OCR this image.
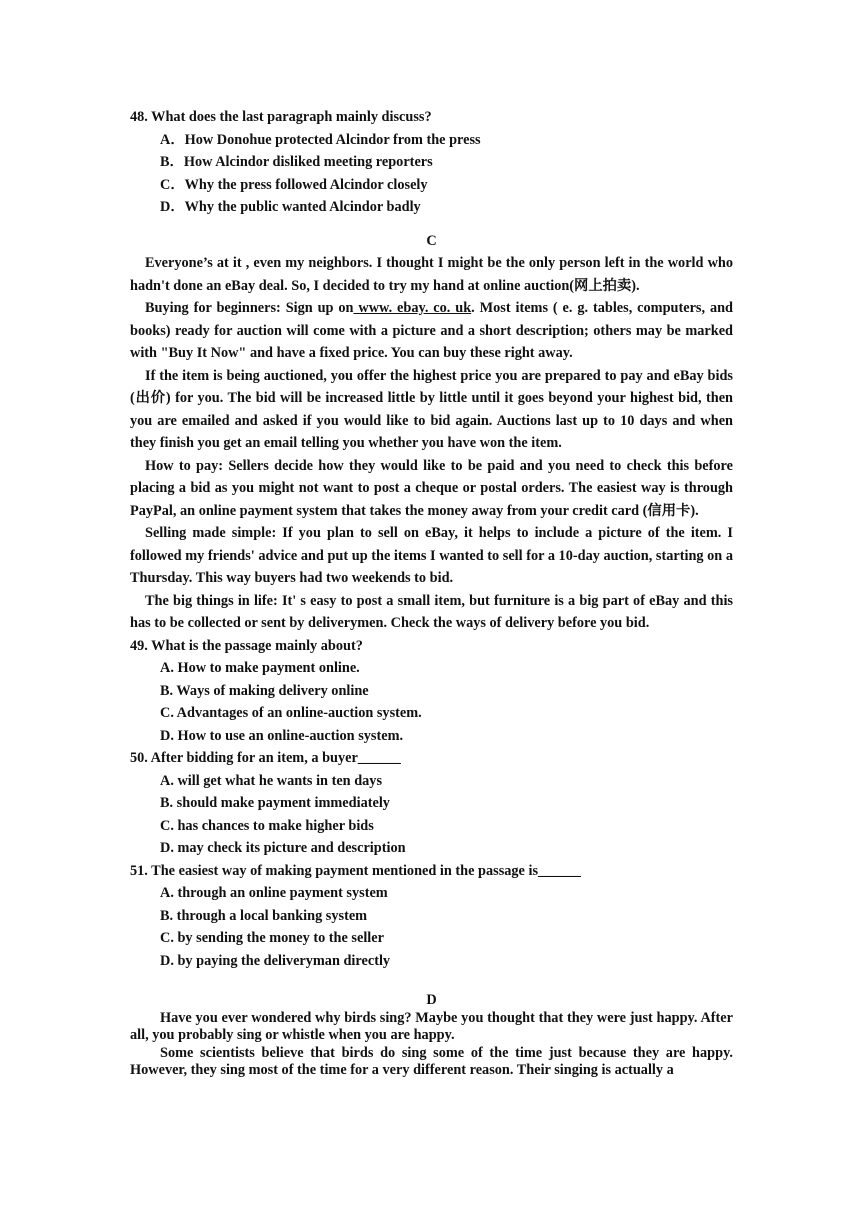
48. What does the last paragraph mainly discuss?

A．How Donohue protected Alcindor from the press

B．How Alcindor disliked meeting reporters

C．Why the press followed Alcindor closely

D．Why the public wanted Alcindor badly

C

Everyone’s at it , even my neighbors. I thought I might be the only person left in the world who hadn't done an eBay deal. So, I decided to try my hand at online auction(网上拍卖).

Buying for beginners: Sign up on www. ebay. co. uk. Most items ( e. g. tables, computers, and books) ready for auction will come with a picture and a short description; others may be marked with "Buy It Now" and have a fixed price. You can buy these right away.

If the item is being auctioned, you offer the highest price you are prepared to pay and eBay bids (出价) for you. The bid will be increased little by little until it goes beyond your highest bid, then you are emailed and asked if you would like to bid again. Auctions last up to 10 days and when they finish you get an email telling you whether you have won the item.

How to pay: Sellers decide how they would like to be paid and you need to check this before placing a bid as you might not want to post a cheque or postal orders. The easiest way is through PayPal, an online payment system that takes the money away from your credit card (信用卡).

Selling made simple: If you plan to sell on eBay, it helps to include a picture of the item. I followed my friends' advice and put up the items I wanted to sell for a 10-day auction, starting on a Thursday. This way buyers had two weekends to bid.

The big things in life: It' s easy to post a small item, but furniture is a big part of eBay and this has to be collected or sent by deliverymen. Check the ways of delivery before you bid.

49. What is the passage mainly about?

A. How to make payment online.

B. Ways of making delivery online

C. Advantages of an online-auction system.

D. How to use an online-auction system.

50. After bidding for an item, a buyer______

A. will get what he wants in ten days

B. should make payment immediately

C. has chances to make higher bids

D. may check its picture and description

51. The easiest way of making payment mentioned in the passage is______

A. through an online payment system

B. through a local banking system

C. by sending the money to the seller

D. by paying the deliveryman directly

D

Have you ever wondered why birds sing? Maybe you thought that they were just happy. After all, you probably sing or whistle when you are happy.

Some scientists believe that birds do sing some of the time just because they are happy. However, they sing most of the time for a very different reason. Their singing is actually a
